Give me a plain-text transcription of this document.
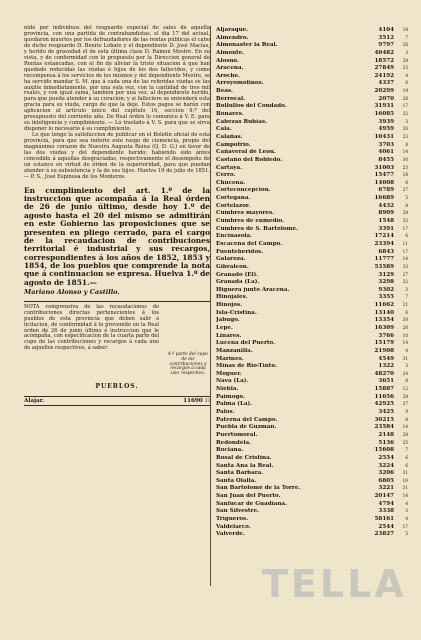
nido por individuos del resguardo especial de sales de aquella provincia, con una partida de contrabandistas, el dia 17 del actual, quedaron muertos por los defraudadores de las rentas públicas el cabo de dicho resguardo D. Benito Lobato y el dependiente D. José Macías, y herido de gravedad el de esta última clase D. Ramon Mestre. En su vista, y de conformidad con lo propuesto por la Direccion general de Rentas estancadas, con el fin de aliviar la triste situacion á que han quedado reducidas las viudas é hijos de los dos fallecidos, y como recompensa á los servicios de los mismos y del dependiente Mestre, se ha servido mandar S. M. que á cada una de las referidas viudas se las auxilie inmediatamente, por una sola vez, con la cantidad de tres mil reales, y con igual suma, tambien por una vez, al dependiente herido, para que pueda atender á su curacion; y si falleciere se entenderá esta gracia para su viuda, cargo de que la deje. Estos pagos se harán con aplicacion al artículo único del capítulo 16, seccion 9.ª del presupuesto del corriente año. De Real órden lo comunico á V. E. para su inteligencia y cumplimiento. — Lo traslado á V. S. para que se sirva disponer lo necesario á su cumplimiento.

Lo que tengo la satisfaccion de publicar en el Boletin oficial de esta provincia, para que sea notorio este rasgo de clemencia, propio del magnánimo corazon de Nuestra Augusta Reina (Q. D. G.) en favor de las dos viudas y del dependiente herido; habiendo sido ántes concedido á aquellas desgraciadas, respectivamente el desempeño de un estanco en virtud de órden de la superioridad, para que puedan atender á su subsistencia y la de sus hijos. Huelva 19 de julio de 1851. — P. S., José Espinosa de los Monteros.

En cumplimiento del art. 1.º de la instruccion que acompaña á la Real órden de 26 de junio último, desde hoy 1.º de agosto hasta el 20 del mismo se admitirán en este Gobierno las proposiciones que se presenten en pliego cerrado, para el cargo de la recaudacion de contribuciones territorial é industrial y sus recargos, correspondientes á los años de 1852, 1853 y 1854, de los pueblos que comprende la nota que á continuacion se expresa. Huelva 1.º de agosto de 1851.—

Mariano Alonso y Castillo.

NOTA comprensiva de las recaudaciones de contribuciones directas pertenecientes á los pueblos de esta provincia que deben salir á licitacion, de conformidad á lo prevenido en la Real órden de 26 de junio último é instruccion que le acompaña, con especificacion de la cuarta parte del cupo de las contribuciones y recargos á cada uno de aquellos respectivos, á saber:

4.ª parte del cupo de las contribuciones y recargos á cada uno respectivo.

PUEBLOS.

Alajar.	11690 33
Aljaraque.	4104	18
Almendro.	3512	7
Almonaster la Real.	9797	26
Almonte.	40482	3
Alosno.	18572	28
Aracena.	27849	23
Aroche.	24192	4
Arroyomolinos.	4337	6
Beas.	20299	19
Berrocal.	2070	26
Bollullos del Condado.	31931	17
Bonares.	16085	22
Cabezas Rubias.	3939	3
Cala.	4959	26
Calañas.	10431	23
Campofrio.	3703	8
Cañaveral de Leon.	4061	14
Castaño del Robledo.	8455	30
Cartaya.	31003	23
Cerro.	15477	18
Chucena.	14008	8
Corteconcepcion.	6789	27
Cortegana.	16689	5
Cortelazor.	4432	8
Cumbres mayores.	8909	28
Cumbres de enmedio.	1548	33
Cumbres de S. Bartolomé.	3391	17
Encinasola.	17214	6
Escacena del Campo.	23394	11
Fuenteheridos.	6843	17
Galaroza.	11777	14
Gibraleon.	53589	33
Granado (El).	3129	27
Granada (La).	3298	22
Higuera junto Aracena.	9302	3
Hinojales.	3355	7
Hinojos.	11662	31
Isla-Cristina.	13140	6
Jabugo.	13354	30
Lepe.	16309	26
Linares.	3766	10
Lucena del Puerto.	15179	14
Manzanilla.	21908	4
Marines.	4549	31
Minas de Rio-Tinto.	1322	3
Moguer.	48270	24
Nava (La).	3651	8
Niebla.	15887	12
Paimogo.	11656	28
Palma (La).	42925	27
Palos.	3425	9
Paterna del Campo.	30215	8
Puebla de Guzman.	23584	14
Puertomoral.	2148	28
Redondela.	5136	25
Rociana.	15608	7
Rosal de Cristina.	2554	6
Santa Ana la Real.	3224	6
Santa Barbara.	3206	31
Santa Olalla.	6805	10
San Bartolomé de la Torre.	3221	31
San Juan del Puerto.	20147	14
Sanlúcar de Guadiana.	4794	4
San Silvestre.	3338	3
Trigueros.	58161	4
Valdelarco.	2544	17
Valverde.	23827	5
TELLA
